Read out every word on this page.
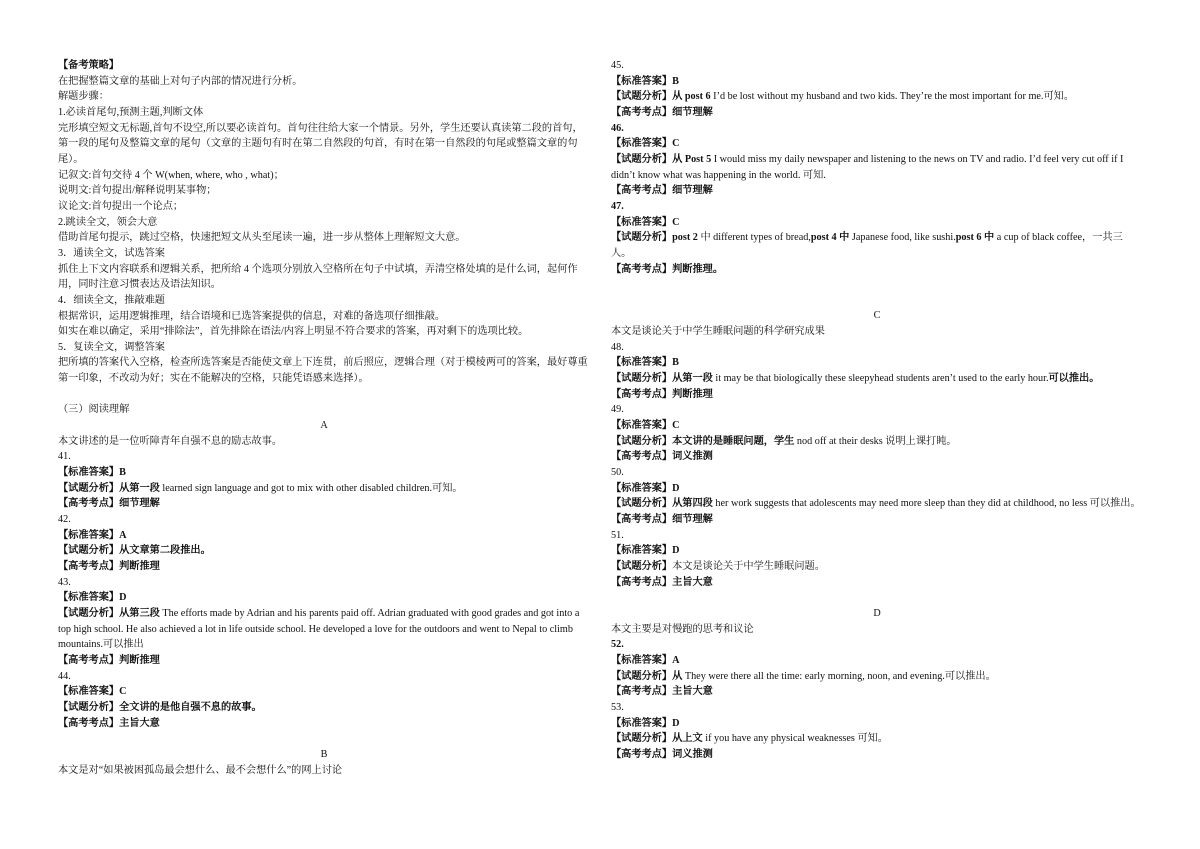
【备考策略】
在把握整篇文章的基础上对句子内部的情况进行分析。
解题步骤：
1.必读首尾句,预测主题,判断文体
完形填空短文无标题,首句不设空,所以要必读首句。首句往往给大家一个情景。另外，学生还要认真读第二段的首句，第一段的尾句及整篇文章的尾句（文章的主题句有时在第二自然段的句首，有时在第一自然段的句尾或整篇文章的句尾）。
记叙文:首句交待 4 个 W(when, where, who , what)；
说明文:首句提出/解释说明某事物；
议论文:首句提出一个论点；
2.跳读全文，领会大意
借助首尾句提示，跳过空格，快速把短文从头至尾读一遍，进一步从整体上理解短文大意。
3．通读全文，试选答案
抓住上下文内容联系和逻辑关系，把所给 4 个选项分别放入空格所在句子中试填，弄清空格处填的是什么词，起何作用，同时注意习惯表达及语法知识。
4．细读全文，推敲难题
根据常识，运用逻辑推理，结合语境和已选答案提供的信息，对难的备选项仔细推敲。
如实在难以确定，采用“排除法”，首先排除在语法/内容上明显不符合要求的答案，再对剩下的选项比较。
5．复读全文，调整答案
把所填的答案代入空格，检查所选答案是否能使文章上下连贯，前后照应，逻辑合理（对于模棱两可的答案，最好尊重第一印象，不改动为好；实在不能解决的空格，只能凭语感来选择）。
（三）阅读理解
A
本文讲述的是一位听障青年自强不息的励志故事。
41.
【标准答案】B
【试题分析】从第一段 learned sign language and got to mix with other disabled children.可知。
【高考考点】细节理解
42.
【标准答案】A
【试题分析】从文章第二段推出。
【高考考点】判断推理
43.
【标准答案】D
【试题分析】从第三段 The efforts made by Adrian and his parents paid off. Adrian graduated with good grades and got into a top high school. He also achieved a lot in life outside school. He developed a love for the outdoors and went to Nepal to climb mountains.可以推出
【高考考点】判断推理
44.
【标准答案】C
【试题分析】全文讲的是他自强不息的故事。
【高考考点】主旨大意
B
本文是对“如果被困孤岛最会想什么、最不会想什么”的网上讨论
45.
【标准答案】B
【试题分析】从 post 6 I’d be lost without my husband and two kids. They’re the most important for me.可知。
【高考考点】细节理解
46.
【标准答案】C
【试题分析】从 Post 5 I would miss my daily newspaper and listening to the news on TV and radio. I’d feel very cut off if I didn’t know what was happening in the world. 可知.
【高考考点】细节理解
47.
【标准答案】C
【试题分析】post 2 中 different types of bread,post 4 中 Japanese food, like sushi.post 6 中 a cup of black coffee，一共三人。
【高考考点】判断推理。
C
本文是谈论关于中学生睡眠问题的科学研究成果
48.
【标准答案】B
【试题分析】从第一段 it may be that biologically these sleepyhead students aren’t used to the early hour.可以推出。
【高考考点】判断推理
49.
【标准答案】C
【试题分析】本文讲的是睡眠问题，学生 nod off at their desks 说明上课打盹。
【高考考点】词义推测
50.
【标准答案】D
【试题分析】从第四段 her work suggests that adolescents may need more sleep than they did at childhood, no less 可以推出。
【高考考点】细节理解
51.
【标准答案】D
【试题分析】本文是谈论关于中学生睡眠问题。
【高考考点】主旨大意
D
本文主要是对慢跑的思考和议论
52.
【标准答案】A
【试题分析】从 They were there all the time: early morning, noon, and evening.可以推出。
【高考考点】主旨大意
53.
【标准答案】D
【试题分析】从上文 if you have any physical weaknesses 可知。
【高考考点】词义推测
